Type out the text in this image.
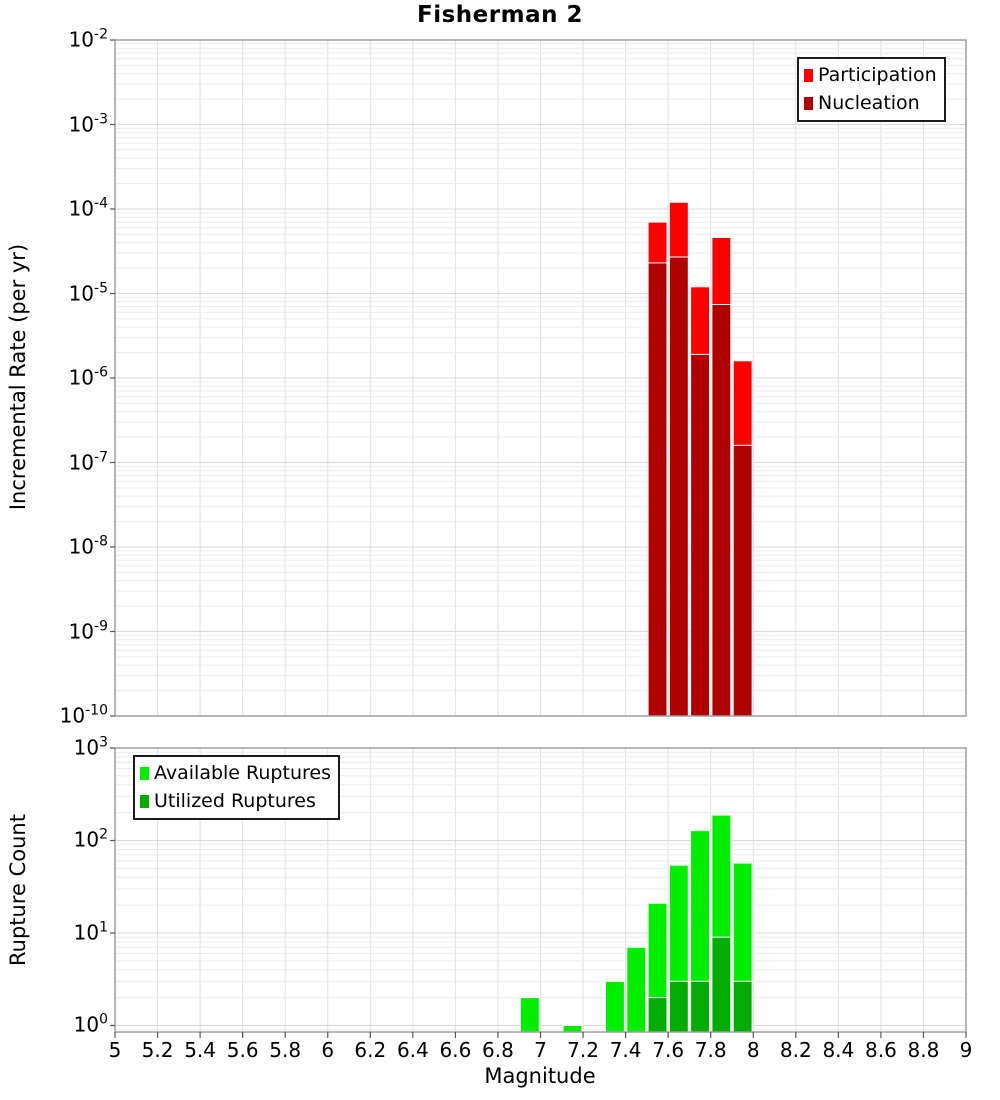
Fisherman 2
Incremental Rate (per yr)
Rupture Count
Magnitude
Participation
Nucleation
Available Ruptures
Utilized Ruptures
5 5.2 5.4 5.6 5.8 6 6.2 6.4 6.6 6.8 7 7.2 7.4 7.6 7.8 8 8.2 8.4 8.6 8.8 9
$10^{-2}$
$10^{-3}$
$10^{-4}$
$10^{-5}$
$10^{-6}$
$10^{-7}$
$10^{-8}$
$10^{-9}$
$10^{-10}$
$10^3$
$10^2$
$10^1$
$10^0$
